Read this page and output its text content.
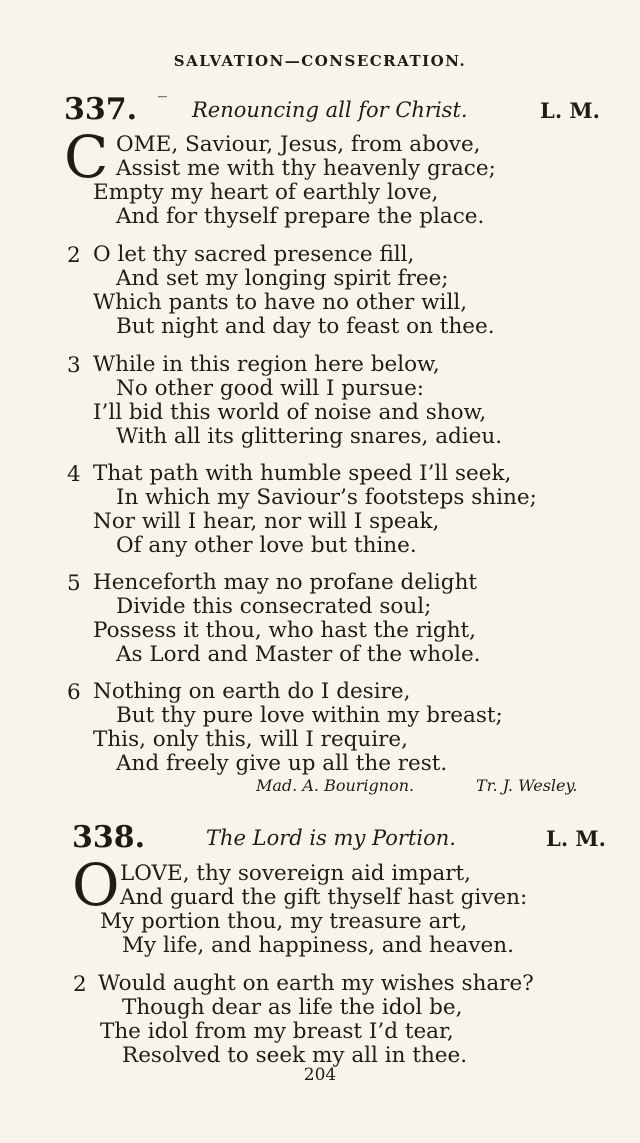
SALVATION—CONSECRATION.
337. ‾ Renouncing all for Christ.	L. M.
C OME, Saviour, Jesus, from above,
Assist me with thy heavenly grace;
Empty my heart of earthly love,
And for thyself prepare the place.
2 O let thy sacred presence fill,
And set my longing spirit free;
Which pants to have no other will,
But night and day to feast on thee.
3 While in this region here below,
No other good will I pursue:
I’ll bid this world of noise and show,
With all its glittering snares, adieu.
4 That path with humble speed I’ll seek,
In which my Saviour’s footsteps shine;
Nor will I hear, nor will I speak,
Of any other love but thine.
5 Henceforth may no profane delight
Divide this consecrated soul;
Possess it thou, who hast the right,
As Lord and Master of the whole.
6 Nothing on earth do I desire,
But thy pure love within my breast;
This, only this, will I require,
And freely give up all the rest.
Mad. A. Bourignon.	Tr. J. Wesley.
338.	The Lord is my Portion.	L. M.
O LOVE, thy sovereign aid impart,
And guard the gift thyself hast given:
My portion thou, my treasure art,
My life, and happiness, and heaven.
2 Would aught on earth my wishes share?
Though dear as life the idol be,
The idol from my breast I’d tear,
Resolved to seek my all in thee.
204
